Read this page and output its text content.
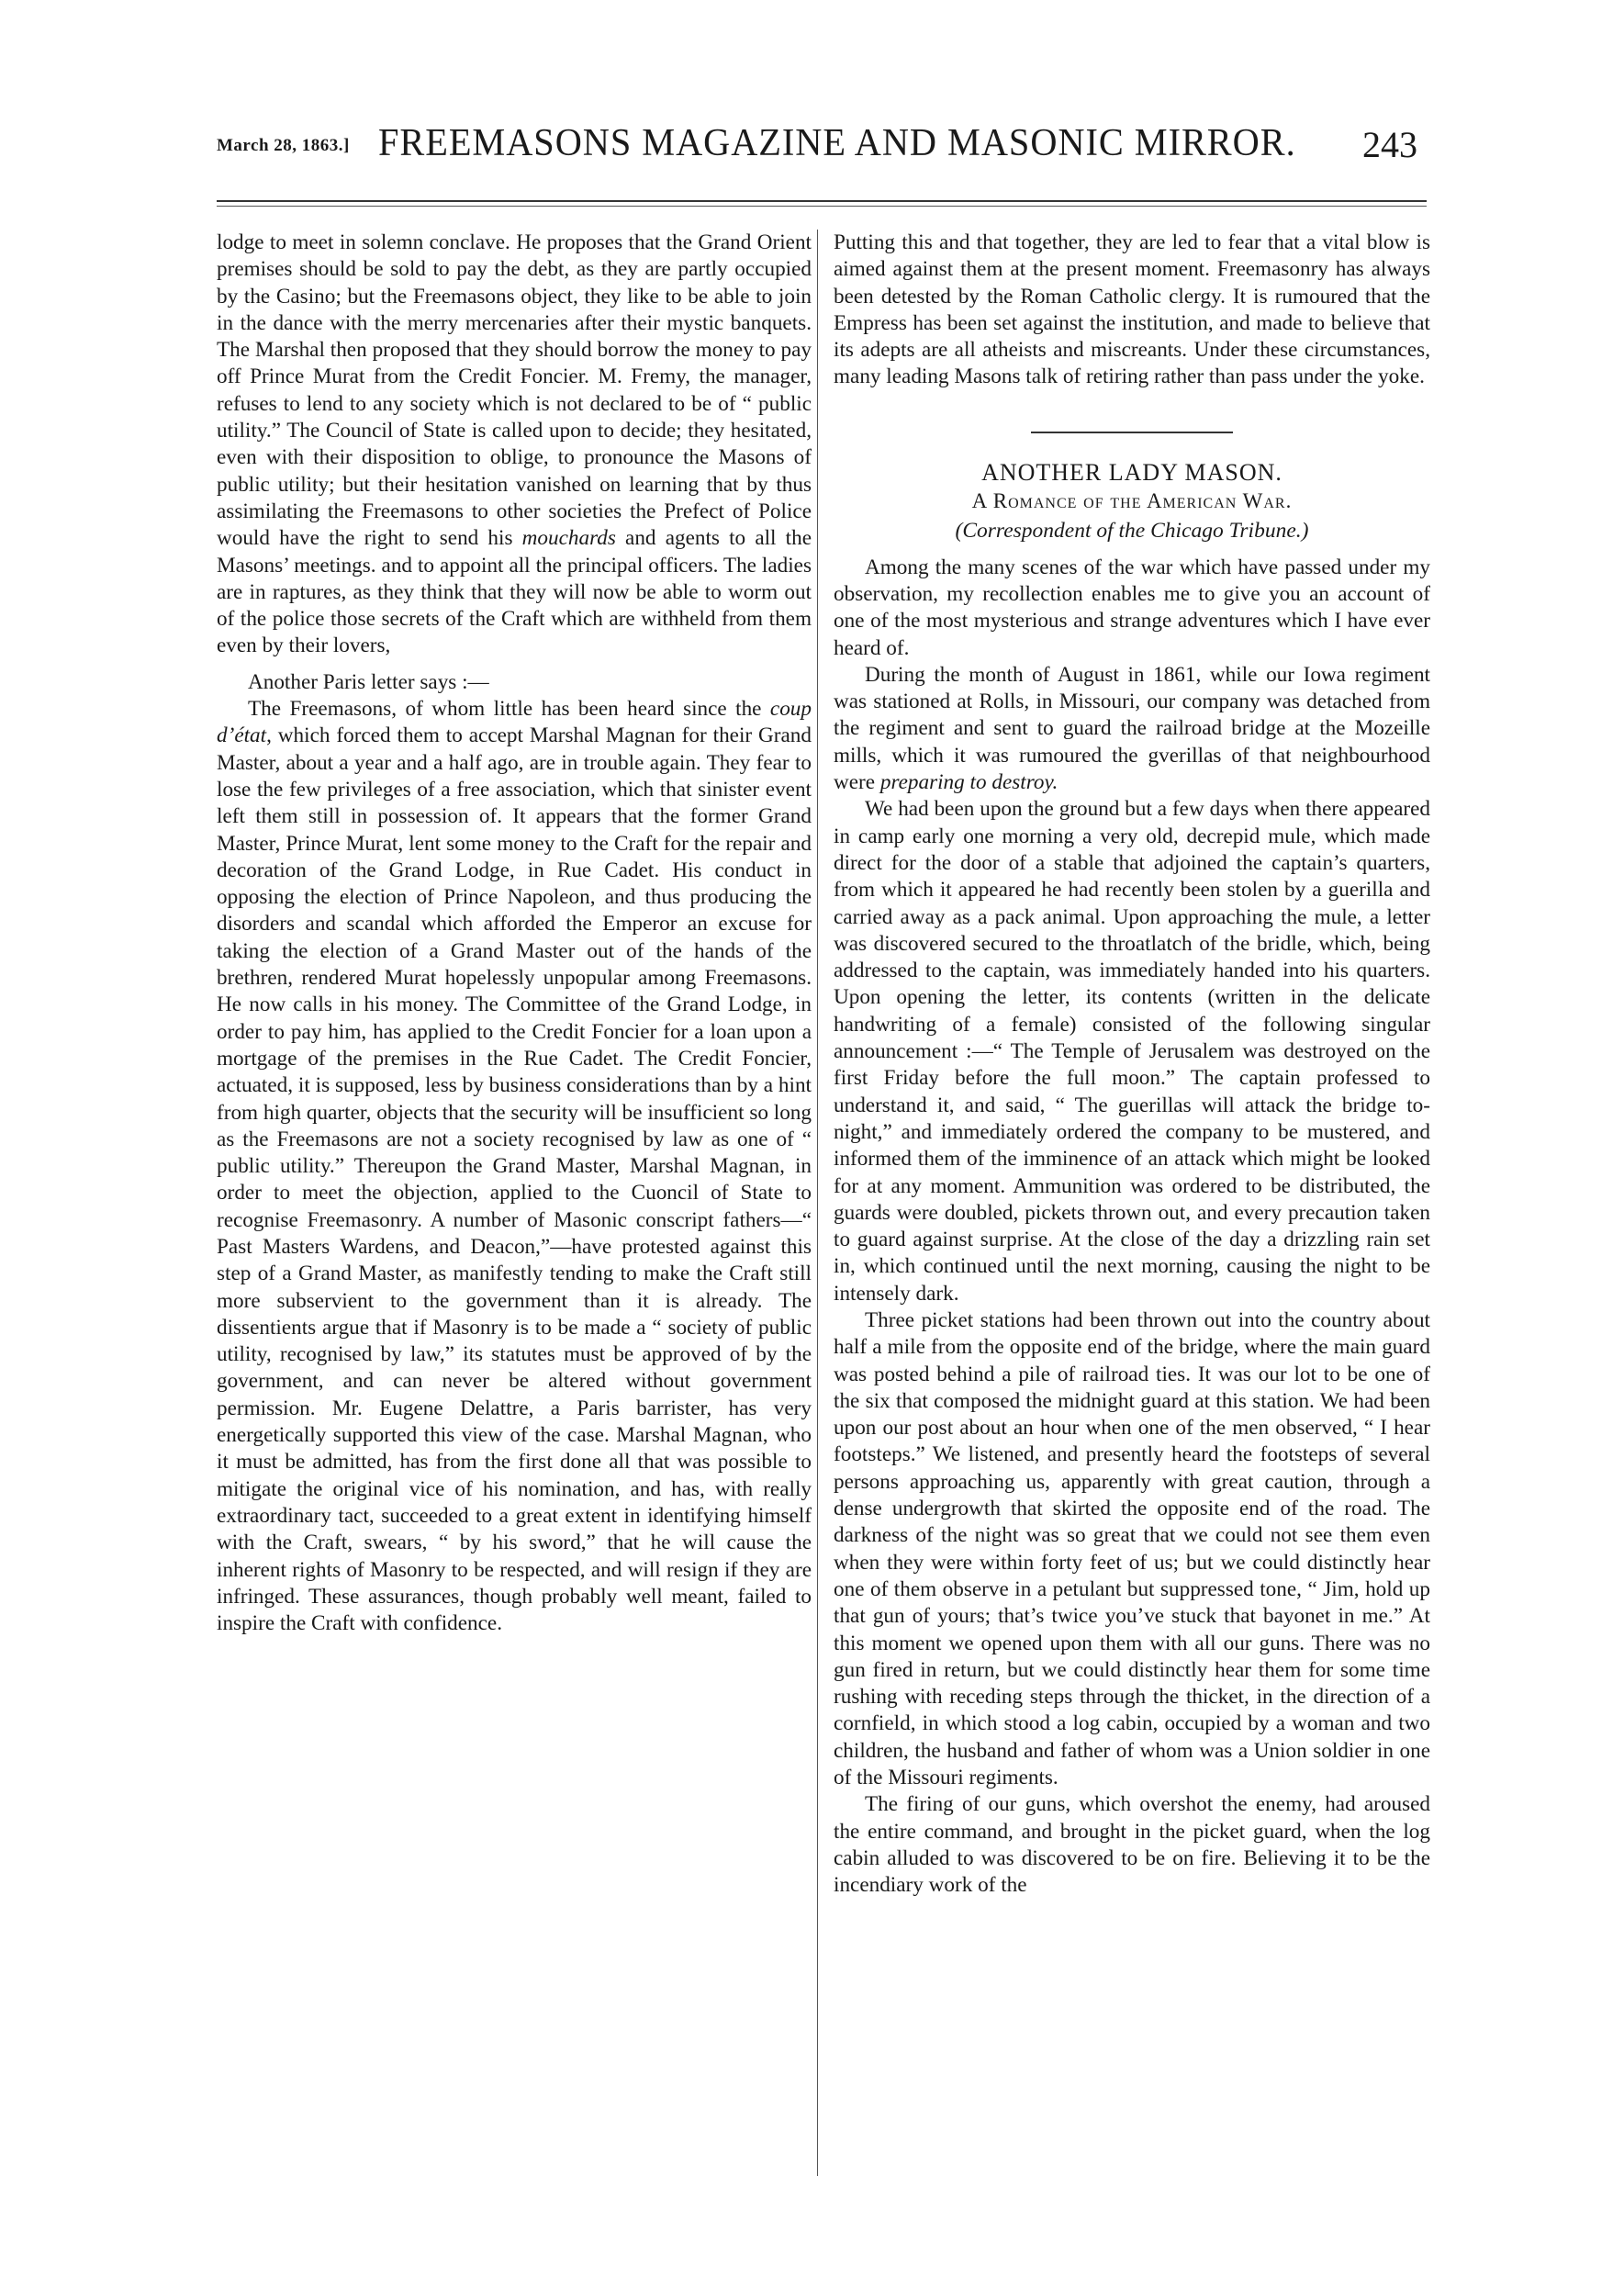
March 28, 1863.] FREEMASONS MAGAZINE AND MASONIC MIRROR. 243

lodge to meet in solemn conclave. He proposes that the Grand Orient premises should be sold to pay the debt, as they are partly occupied by the Casino; but the Freemasons object, they like to be able to join in the dance with the merry mercenaries after their mystic banquets. The Marshal then proposed that they should borrow the money to pay off Prince Murat from the Credit Foncier. M. Fremy, the manager, refuses to lend to any society which is not declared to be of “ public utility.” The Council of State is called upon to decide; they hesitated, even with their disposition to oblige, to pronounce the Masons of public utility; but their hesitation vanished on learning that by thus assimilating the Freemasons to other societies the Prefect of Police would have the right to send his mouchards and agents to all the Masons’ meetings. and to appoint all the principal officers. The ladies are in raptures, as they think that they will now be able to worm out of the police those secrets of the Craft which are withheld from them even by their lovers,

Another Paris letter says :—

The Freemasons, of whom little has been heard since the coup d’état, which forced them to accept Marshal Magnan for their Grand Master, about a year and a half ago, are in trouble again. They fear to lose the few privileges of a free association, which that sinister event left them still in possession of. It appears that the former Grand Master, Prince Murat, lent some money to the Craft for the repair and decoration of the Grand Lodge, in Rue Cadet. His conduct in opposing the election of Prince Napoleon, and thus producing the disorders and scandal which afforded the Emperor an excuse for taking the election of a Grand Master out of the hands of the brethren, rendered Murat hopelessly unpopular among Freemasons. He now calls in his money. The Committee of the Grand Lodge, in order to pay him, has applied to the Credit Foncier for a loan upon a mortgage of the premises in the Rue Cadet. The Credit Foncier, actuated, it is supposed, less by business considerations than by a hint from high quarter, objects that the security will be insufficient so long as the Freemasons are not a society recognised by law as one of “ public utility.” Thereupon the Grand Master, Marshal Magnan, in order to meet the objection, applied to the Cuoncil of State to recognise Freemasonry. A number of Masonic conscript fathers—“ Past Masters Wardens, and Deacon,”—have protested against this step of a Grand Master, as manifestly tending to make the Craft still more subservient to the government than it is already. The dissentients argue that if Masonry is to be made a “ society of public utility, recognised by law,” its statutes must be approved of by the government, and can never be altered without government permission. Mr. Eugene Delattre, a Paris barrister, has very energetically supported this view of the case. Marshal Magnan, who it must be admitted, has from the first done all that was possible to mitigate the original vice of his nomination, and has, with really extraordinary tact, succeeded to a great extent in identifying himself with the Craft, swears, “ by his sword,” that he will cause the inherent rights of Masonry to be respected, and will resign if they are infringed. These assurances, though probably well meant, failed to inspire the Craft with confidence.

Putting this and that together, they are led to fear that a vital blow is aimed against them at the present moment. Freemasonry has always been detested by the Roman Catholic clergy. It is rumoured that the Empress has been set against the institution, and made to believe that its adepts are all atheists and miscreants. Under these circumstances, many leading Masons talk of retiring rather than pass under the yoke.

ANOTHER LADY MASON.
A Romance of the American War.
(Correspondent of the Chicago Tribune.)

Among the many scenes of the war which have passed under my observation, my recollection enables me to give you an account of one of the most mysterious and strange adventures which I have ever heard of.

During the month of August in 1861, while our Iowa regiment was stationed at Rolls, in Missouri, our company was detached from the regiment and sent to guard the railroad bridge at the Mozeille mills, which it was rumoured the gverillas of that neighbourhood were preparing to destroy.

We had been upon the ground but a few days when there appeared in camp early one morning a very old, decrepid mule, which made direct for the door of a stable that adjoined the captain’s quarters, from which it appeared he had recently been stolen by a guerilla and carried away as a pack animal. Upon approaching the mule, a letter was discovered secured to the throatlatch of the bridle, which, being addressed to the captain, was immediately handed into his quarters. Upon opening the letter, its contents (written in the delicate handwriting of a female) consisted of the following singular announcement :—“ The Temple of Jerusalem was destroyed on the first Friday before the full moon.” The captain professed to understand it, and said, “ The guerillas will attack the bridge to-night,” and immediately ordered the company to be mustered, and informed them of the imminence of an attack which might be looked for at any moment. Ammunition was ordered to be distributed, the guards were doubled, pickets thrown out, and every precaution taken to guard against surprise. At the close of the day a drizzling rain set in, which continued until the next morning, causing the night to be intensely dark.

Three picket stations had been thrown out into the country about half a mile from the opposite end of the bridge, where the main guard was posted behind a pile of railroad ties. It was our lot to be one of the six that composed the midnight guard at this station. We had been upon our post about an hour when one of the men observed, “ I hear footsteps.” We listened, and presently heard the footsteps of several persons approaching us, apparently with great caution, through a dense undergrowth that skirted the opposite end of the road. The darkness of the night was so great that we could not see them even when they were within forty feet of us; but we could distinctly hear one of them observe in a petulant but suppressed tone, “ Jim, hold up that gun of yours; that’s twice you’ve stuck that bayonet in me.” At this moment we opened upon them with all our guns. There was no gun fired in return, but we could distinctly hear them for some time rushing with receding steps through the thicket, in the direction of a cornfield, in which stood a log cabin, occupied by a woman and two children, the husband and father of whom was a Union soldier in one of the Missouri regiments.

The firing of our guns, which overshot the enemy, had aroused the entire command, and brought in the picket guard, when the log cabin alluded to was discovered to be on fire. Believing it to be the incendiary work of the
